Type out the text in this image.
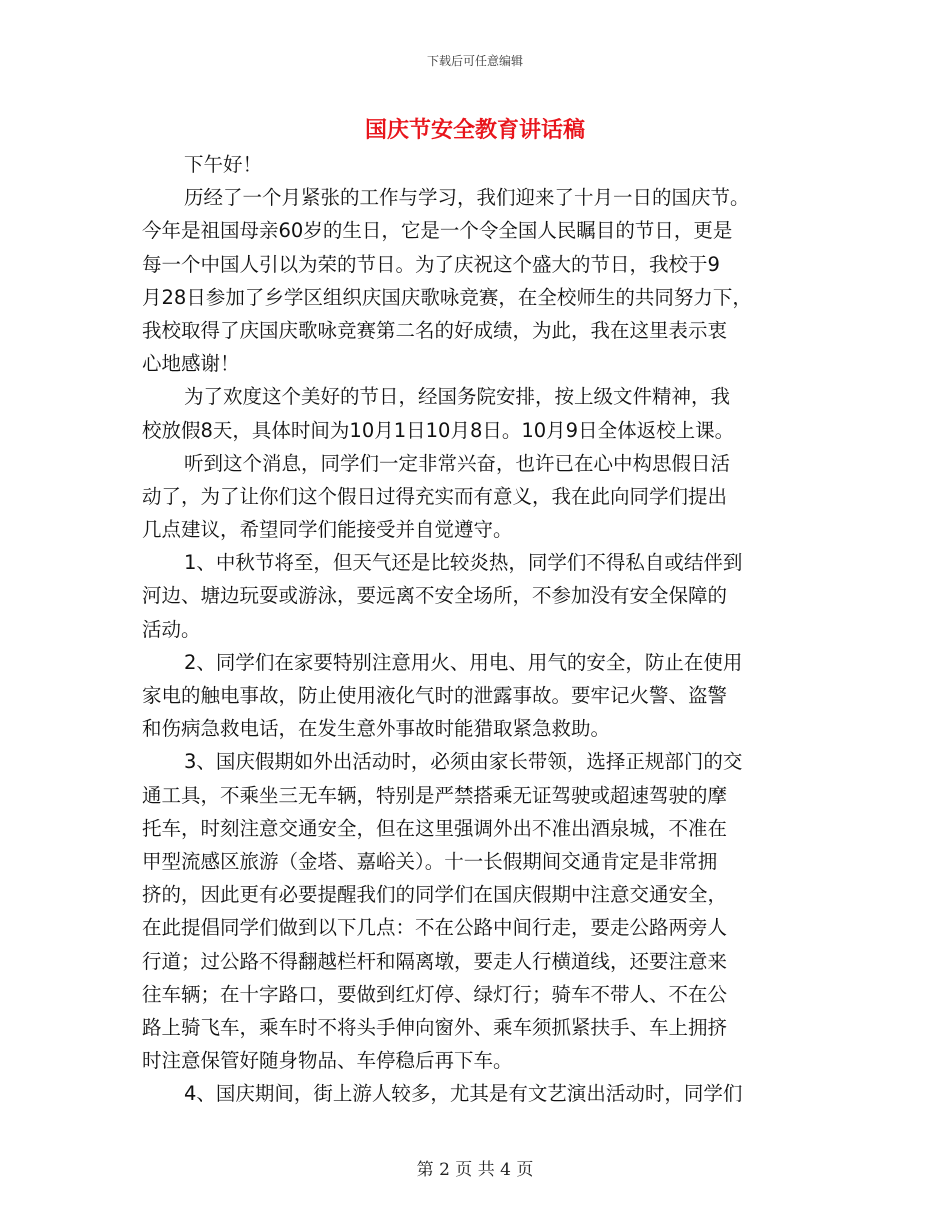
下载后可任意编辑
国庆节安全教育讲话稿
下午好！
历经了一个月紧张的工作与学习，我们迎来了十月一日的国庆节。
今年是祖国母亲60岁的生日，它是一个令全国人民瞩目的节日，更是
每一个中国人引以为荣的节日。为了庆祝这个盛大的节日，我校于9
月28日参加了乡学区组织庆国庆歌咏竞赛，在全校师生的共同努力下，
我校取得了庆国庆歌咏竞赛第二名的好成绩，为此，我在这里表示衷
心地感谢！
为了欢度这个美好的节日，经国务院安排，按上级文件精神，我
校放假8天，具体时间为10月1日10月8日。10月9日全体返校上课。
听到这个消息，同学们一定非常兴奋，也许已在心中构思假日活
动了，为了让你们这个假日过得充实而有意义，我在此向同学们提出
几点建议，希望同学们能接受并自觉遵守。
1、中秋节将至，但天气还是比较炎热，同学们不得私自或结伴到
河边、塘边玩耍或游泳，要远离不安全场所，不参加没有安全保障的
活动。
2、同学们在家要特别注意用火、用电、用气的安全，防止在使用
家电的触电事故，防止使用液化气时的泄露事故。要牢记火警、盗警
和伤病急救电话，在发生意外事故时能猎取紧急救助。
3、国庆假期如外出活动时，必须由家长带领，选择正规部门的交
通工具，不乘坐三无车辆，特别是严禁搭乘无证驾驶或超速驾驶的摩
托车，时刻注意交通安全，但在这里强调外出不准出酒泉城，不准在
甲型流感区旅游（金塔、嘉峪关）。十一长假期间交通肯定是非常拥
挤的，因此更有必要提醒我们的同学们在国庆假期中注意交通安全，
在此提倡同学们做到以下几点：不在公路中间行走，要走公路两旁人
行道；过公路不得翻越栏杆和隔离墩，要走人行横道线，还要注意来
往车辆；在十字路口，要做到红灯停、绿灯行；骑车不带人、不在公
路上骑飞车，乘车时不将头手伸向窗外、乘车须抓紧扶手、车上拥挤
时注意保管好随身物品、车停稳后再下车。
4、国庆期间，街上游人较多，尤其是有文艺演出活动时，同学们
第 2 页 共 4 页
